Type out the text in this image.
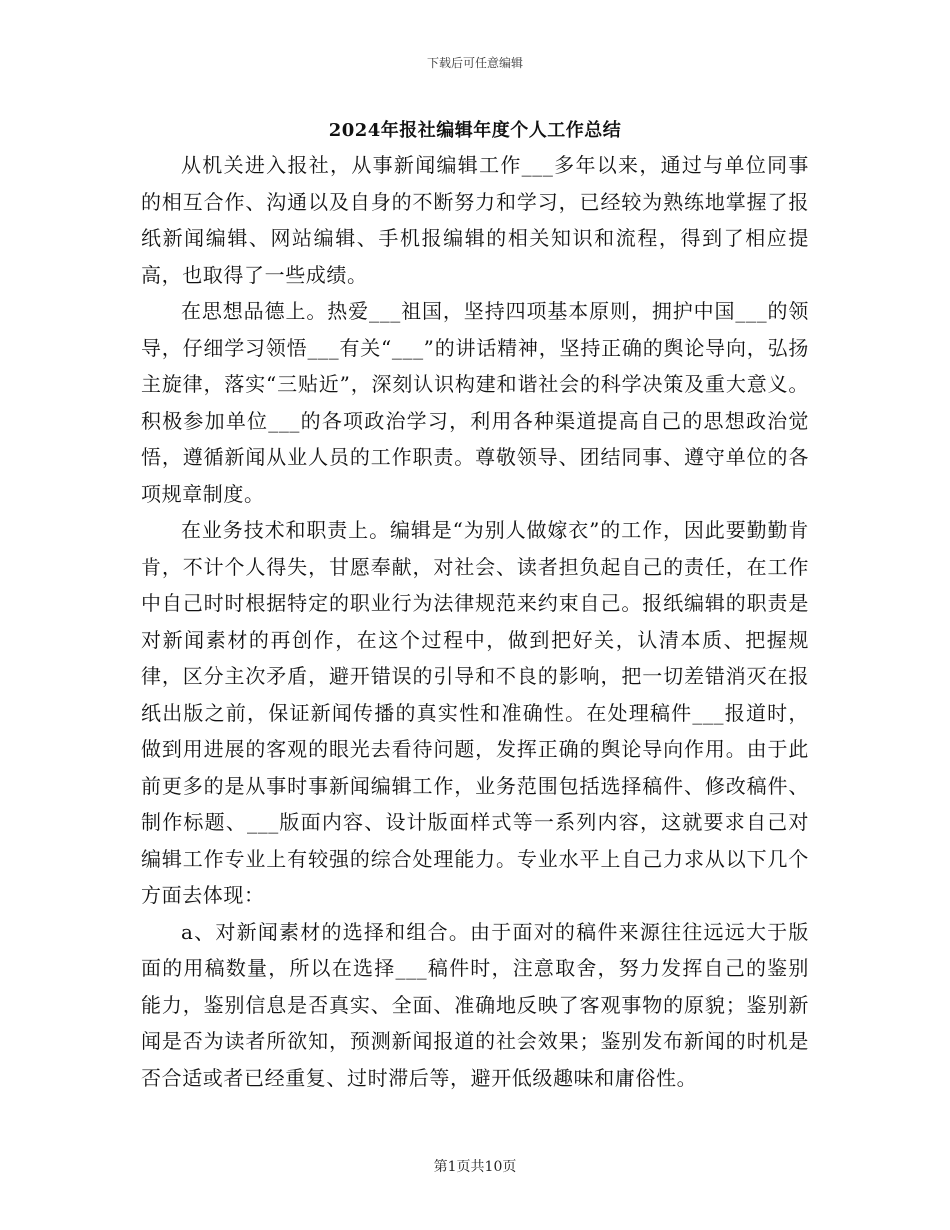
下载后可任意编辑
2024年报社编辑年度个人工作总结

从机关进入报社，从事新闻编辑工作___多年以来，通过与单位同事的相互合作、沟通以及自身的不断努力和学习，已经较为熟练地掌握了报纸新闻编辑、网站编辑、手机报编辑的相关知识和流程，得到了相应提高，也取得了一些成绩。

在思想品德上。热爱___祖国，坚持四项基本原则，拥护中国___的领导，仔细学习领悟___有关“___”的讲话精神，坚持正确的舆论导向，弘扬主旋律，落实“三贴近”，深刻认识构建和谐社会的科学决策及重大意义。积极参加单位___的各项政治学习，利用各种渠道提高自己的思想政治觉悟，遵循新闻从业人员的工作职责。尊敬领导、团结同事、遵守单位的各项规章制度。

在业务技术和职责上。编辑是“为别人做嫁衣”的工作，因此要勤勤肯肯，不计个人得失，甘愿奉献，对社会、读者担负起自己的责任，在工作中自己时时根据特定的职业行为法律规范来约束自己。报纸编辑的职责是对新闻素材的再创作，在这个过程中，做到把好关，认清本质、把握规律，区分主次矛盾，避开错误的引导和不良的影响，把一切差错消灭在报纸出版之前，保证新闻传播的真实性和准确性。在处理稿件___报道时，做到用进展的客观的眼光去看待问题，发挥正确的舆论导向作用。由于此前更多的是从事时事新闻编辑工作，业务范围包括选择稿件、修改稿件、制作标题、___版面内容、设计版面样式等一系列内容，这就要求自己对编辑工作专业上有较强的综合处理能力。专业水平上自己力求从以下几个方面去体现：

a、对新闻素材的选择和组合。由于面对的稿件来源往往远远大于版面的用稿数量，所以在选择___稿件时，注意取舍，努力发挥自己的鉴别能力，鉴别信息是否真实、全面、准确地反映了客观事物的原貌；鉴别新闻是否为读者所欲知，预测新闻报道的社会效果；鉴别发布新闻的时机是否合适或者已经重复、过时滞后等，避开低级趣味和庸俗性。

第1页共10页
